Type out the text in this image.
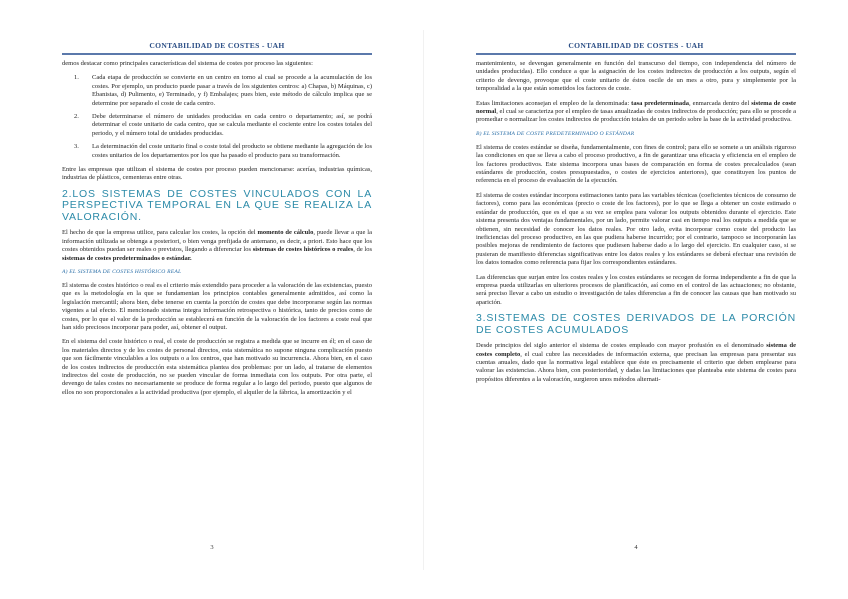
CONTABILIDAD DE COSTES - UAH

demos destacar como principales características del sistema de costes por proceso las siguientes:

1.	Cada etapa de producción se convierte en un centro en torno al cual se procede a la acumulación de los costes. Por ejemplo, un producto puede pasar a través de los siguientes centros: a) Chapas, b) Máquinas, c) Ebanistas, d) Pulimento, e) Terminado, y f) Embalajes; pues bien, este método de cálculo implica que se determine por separado el coste de cada centro.
2.	Debe determinarse el número de unidades producidas en cada centro o departamento; así, se podrá determinar el coste unitario de cada centro, que se calcula mediante el cociente entre los costes totales del periodo, y el número total de unidades producidas.
3.	La determinación del coste unitario final o coste total del producto se obtiene mediante la agregación de los costes unitarios de los departamentos por los que ha pasado el producto para su transformación.

Entre las empresas que utilizan el sistema de costes por proceso pueden mencionarse: acerías, industrias químicas, industrias de plásticos, cementeras entre otras.

2.LOS SISTEMAS DE COSTES VINCULADOS CON LA PERSPECTIVA TEMPORAL EN LA QUE SE REALIZA LA VALORACIÓN.

El hecho de que la empresa utilice, para calcular los costes, la opción del momento de cálculo, puede llevar a que la información utilizada se obtenga a posteriori, o bien venga prefijada de antemano, es decir, a priori. Esto hace que los costes obtenidos puedan ser reales o previstos, llegando a diferenciar los sistemas de costes históricos o reales, de los sistemas de costes predeterminados o estándar.

A) EL SISTEMA DE COSTES HISTÓRICO REAL

El sistema de costes histórico o real es el criterio más extendido para proceder a la valoración de las existencias, puesto que es la metodología en la que se fundamentan los principios contables generalmente admitidos, así como la legislación mercantil; ahora bien, debe tenerse en cuenta la porción de costes que debe incorporarse según las normas vigentes a tal efecto. El mencionado sistema integra información retrospectiva o histórica, tanto de precios como de costes, por lo que el valor de la producción se establecerá en función de la valoración de los factores a coste real que han sido preciosos incorporar para poder, así, obtener el output.

En el sistema del coste histórico o real, el coste de producción se registra a medida que se incurre en él; en el caso de los materiales directos y de los costes de personal directos, esta sistemática no supone ninguna complicación puesto que son fácilmente vinculables a los outputs o a los centros, que han motivado su incurrencia. Ahora bien, en el caso de los costes indirectos de producción esta sistemática plantea dos problemas: por un lado, al tratarse de elementos indirectos del coste de producción, no se pueden vincular de forma inmediata con los outputs. Por otra parte, el devengo de tales costes no necesariamente se produce de forma regular a lo largo del periodo, puesto que algunos de ellos no son proporcionales a la actividad productiva (por ejemplo, el alquiler de la fábrica, la amortización y el

3
CONTABILIDAD DE COSTES - UAH

mantenimiento, se devengan generalmente en función del transcurso del tiempo, con independencia del número de unidades producidas). Ello conduce a que la asignación de los costes indirectos de producción a los outputs, según el criterio de devengo, provoque que el coste unitario de éstos oscile de un mes a otro, pura y simplemente por la temporalidad a la que están sometidos los factores de coste.

Estas limitaciones aconsejan el empleo de la denominada: tasa predeterminada, enmarcada dentro del sistema de coste normal, el cual se caracteriza por el empleo de tasas anualizadas de costes indirectos de producción; para ello se procede a promediar o normalizar los costes indirectos de producción totales de un periodo sobre la base de la actividad productiva.

B) EL SISTEMA DE COSTE PREDETERMINADO O ESTÁNDAR

El sistema de costes estándar se diseña, fundamentalmente, con fines de control; para ello se somete a un análisis riguroso las condiciones en que se lleva a cabo el proceso productivo, a fin de garantizar una eficacia y eficiencia en el empleo de los factores productivos. Este sistema incorpora unas bases de comparación en forma de costes precalculados (sean estándares de producción, costes presupuestados, o costes de ejercicios anteriores), que constituyen los puntos de referencia en el proceso de evaluación de la ejecución.

El sistema de costes estándar incorpora estimaciones tanto para las variables técnicas (coeficientes técnicos de consumo de factores), como para las económicas (precio o coste de los factores), por lo que se llega a obtener un coste estimado o estándar de producción, que es el que a su vez se emplea para valorar los outputs obtenidos durante el ejercicio. Este sistema presenta dos ventajas fundamentales, por un lado, permite valorar casi en tiempo real los outputs a medida que se obtienen, sin necesidad de conocer los datos reales. Por otro lado, evita incorporar como coste del producto las ineficiencias del proceso productivo, en las que pudiera haberse incurrido; por el contrario, tampoco se incorporarán las posibles mejoras de rendimiento de factores que pudiesen haberse dado a lo largo del ejercicio. En cualquier caso, si se pusieran de manifiesto diferencias significativas entre los datos reales y los estándares se deberá efectuar una revisión de los datos tomados como referencia para fijar los correspondientes estándares.

Las diferencias que surjan entre los costes reales y los costes estándares se recogen de forma independiente a fin de que la empresa pueda utilizarlas en ulteriores procesos de planificación, así como en el control de las actuaciones; no obstante, será preciso llevar a cabo un estudio o investigación de tales diferencias a fin de conocer las causas que han motivado su aparición.

3.SISTEMAS DE COSTES DERIVADOS DE LA PORCIÓN DE COSTES ACUMULADOS

Desde principios del siglo anterior el sistema de costes empleado con mayor profusión es el denominado sistema de costes completo, el cual cubre las necesidades de información externa, que precisan las empresas para presentar sus cuentas anuales, dado que la normativa legal establece que éste es precisamente el criterio que deben emplearse para valorar las existencias. Ahora bien, con posterioridad, y dadas las limitaciones que planteaba este sistema de costes para propósitos diferentes a la valoración, surgieron unos métodos alternati-

4
